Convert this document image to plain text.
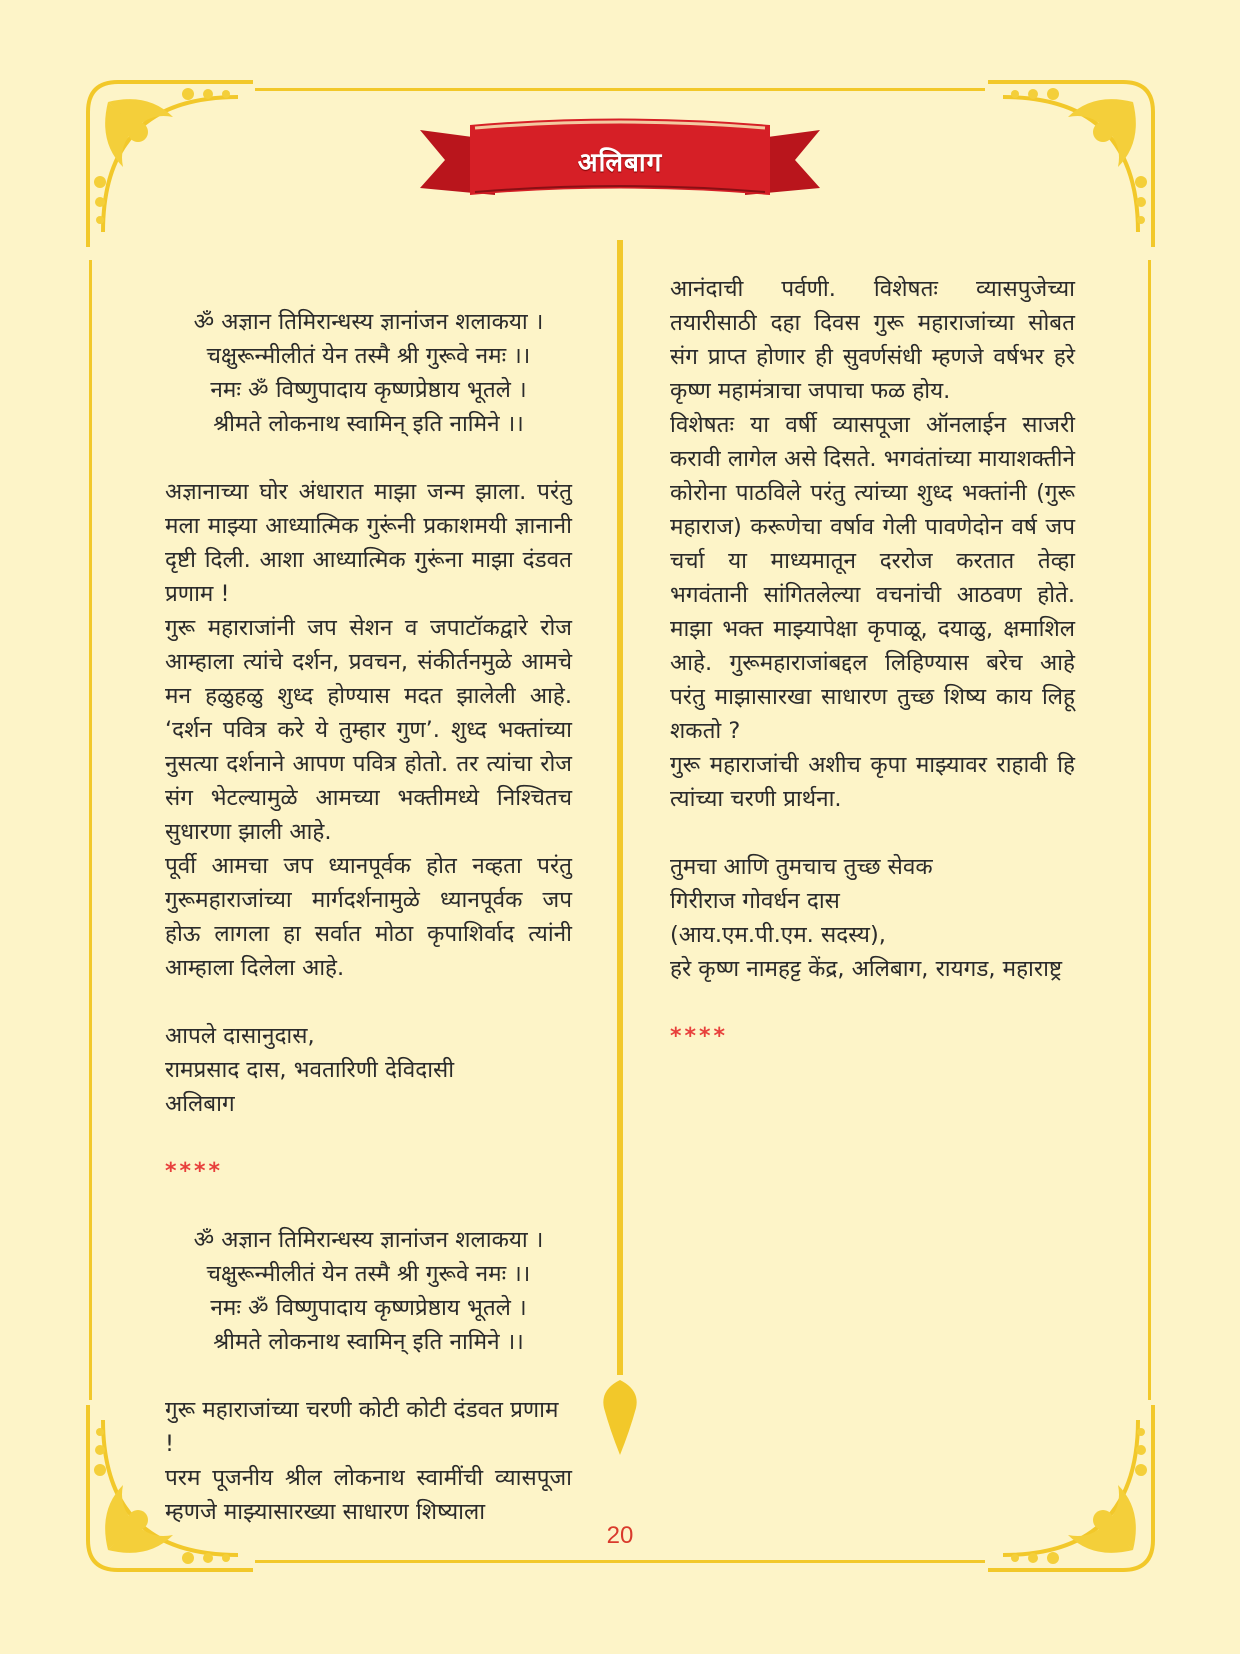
अलिबाग

ॐ अज्ञान तिमिरान्धस्य ज्ञानांजन शलाकया ।

चक्षुरून्मीलीतं येन तस्मै श्री गुरूवे नमः ।।

नमः ॐ विष्णुपादाय कृष्णप्रेष्ठाय भूतले ।

श्रीमते लोकनाथ स्वामिन् इति नामिने ।।

अज्ञानाच्या घोर अंधारात माझा जन्म झाला. परंतु मला माझ्या आध्यात्मिक गुरूंनी प्रकाशमयी ज्ञानानी दृष्टी दिली. आशा आध्यात्मिक गुरूंना माझा दंडवत प्रणाम !

गुरू महाराजांनी जप सेशन व जपाटॉकद्वारे रोज आम्हाला त्यांचे दर्शन, प्रवचन, संकीर्तनमुळे आमचे मन हळुहळु शुध्द होण्यास मदत झालेली आहे. ‘दर्शन पवित्र करे ये तुम्हार गुण’. शुध्द भक्तांच्या नुसत्या दर्शनाने आपण पवित्र होतो. तर त्यांचा रोज संग भेटल्यामुळे आमच्या भक्तीमध्ये निश्चितच सुधारणा झाली आहे.

पूर्वी आमचा जप ध्यानपूर्वक होत नव्हता परंतु गुरूमहाराजांच्या मार्गदर्शनामुळे ध्यानपूर्वक जप होऊ लागला हा सर्वात मोठा कृपाशिर्वाद त्यांनी आम्हाला दिलेला आहे.

आपले दासानुदास,

रामप्रसाद दास, भवतारिणी देविदासी

अलिबाग

****

ॐ अज्ञान तिमिरान्धस्य ज्ञानांजन शलाकया ।

चक्षुरून्मीलीतं येन तस्मै श्री गुरूवे नमः ।।

नमः ॐ विष्णुपादाय कृष्णप्रेष्ठाय भूतले ।

श्रीमते लोकनाथ स्वामिन् इति नामिने ।।

गुरू महाराजांच्या चरणी कोटी कोटी दंडवत प्रणाम !

परम पूजनीय श्रील लोकनाथ स्वामींची व्यासपूजा म्हणजे माझ्यासारख्या साधारण शिष्याला

आनंदाची पर्वणी. विशेषतः व्यासपुजेच्या तयारीसाठी दहा दिवस गुरू महाराजांच्या सोबत संग प्राप्त होणार ही सुवर्णसंधी म्हणजे वर्षभर हरे कृष्ण महामंत्राचा जपाचा फळ होय.

विशेषतः या वर्षी व्यासपूजा ऑनलाईन साजरी करावी लागेल असे दिसते. भगवंतांच्या मायाशक्तीने कोरोना पाठविले परंतु त्यांच्या शुध्द भक्तांनी (गुरू महाराज) करूणेचा वर्षाव गेली पावणेदोन वर्ष जप चर्चा या माध्यमातून दररोज करतात तेव्हा भगवंतानी सांगितलेल्या वचनांची आठवण होते. माझा भक्त माझ्यापेक्षा कृपाळू, दयाळु, क्षमाशिल आहे. गुरूमहाराजांबद्दल लिहिण्यास बरेच आहे परंतु माझासारखा साधारण तुच्छ शिष्य काय लिहू शकतो ?

गुरू महाराजांची अशीच कृपा माझ्यावर राहावी हि त्यांच्या चरणी प्रार्थना.

तुमचा आणि तुमचाच तुच्छ सेवक

गिरीराज गोवर्धन दास

(आय.एम.पी.एम. सदस्य),

हरे कृष्ण नामहट्ट केंद्र, अलिबाग, रायगड, महाराष्ट्र

****

20
